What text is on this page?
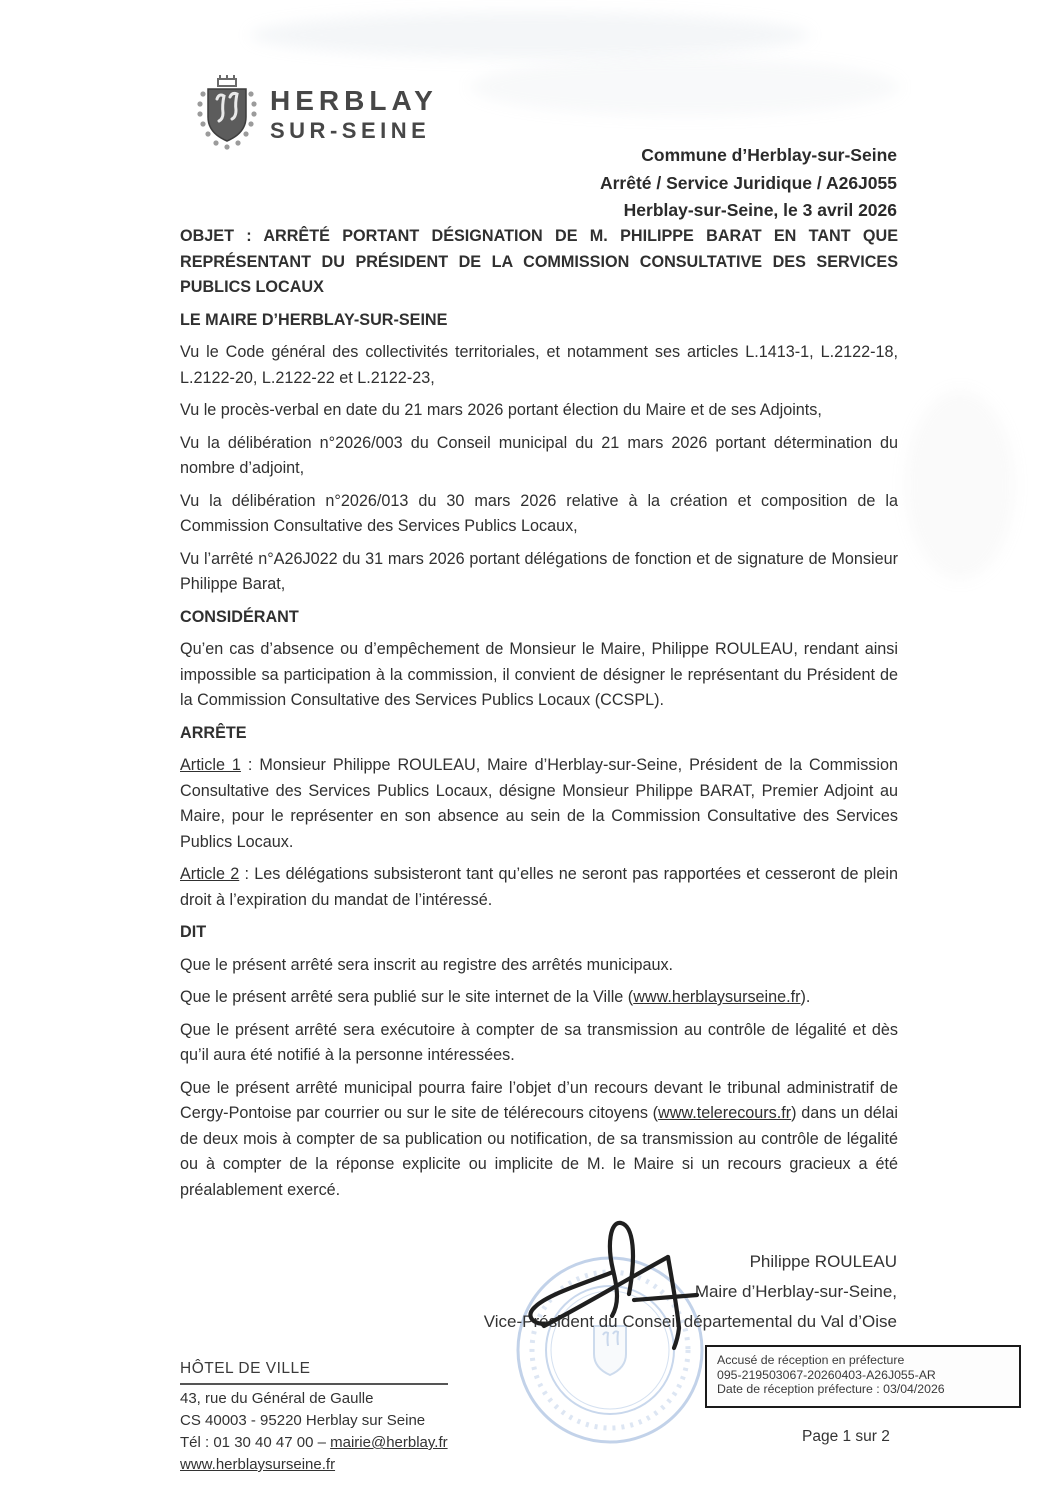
HERBLAY
SUR-SEINE
Commune d’Herblay-sur-Seine
Arrêté / Service Juridique / A26J055
Herblay-sur-Seine, le 3 avril 2026

OBJET : ARRÊTÉ PORTANT DÉSIGNATION DE M. PHILIPPE BARAT EN TANT QUE REPRÉSENTANT DU PRÉSIDENT DE LA COMMISSION CONSULTATIVE DES SERVICES PUBLICS LOCAUX

LE MAIRE D’HERBLAY-SUR-SEINE

Vu le Code général des collectivités territoriales, et notamment ses articles L.1413-1, L.2122-18, L.2122-20, L.2122-22 et L.2122-23,

Vu le procès-verbal en date du 21 mars 2026 portant élection du Maire et de ses Adjoints,

Vu la délibération n°2026/003 du Conseil municipal du 21 mars 2026 portant détermination du nombre d’adjoint,

Vu la délibération n°2026/013 du 30 mars 2026 relative à la création et composition de la Commission Consultative des Services Publics Locaux,

Vu l’arrêté n°A26J022 du 31 mars 2026 portant délégations de fonction et de signature de Monsieur Philippe Barat,

CONSIDÉRANT

Qu’en cas d’absence ou d’empêchement de Monsieur le Maire, Philippe ROULEAU, rendant ainsi impossible sa participation à la commission, il convient de désigner le représentant du Président de la Commission Consultative des Services Publics Locaux (CCSPL).

ARRÊTE

Article 1 : Monsieur Philippe ROULEAU, Maire d’Herblay-sur-Seine, Président de la Commission Consultative des Services Publics Locaux, désigne Monsieur Philippe BARAT, Premier Adjoint au Maire, pour le représenter en son absence au sein de la Commission Consultative des Services Publics Locaux.

Article 2 : Les délégations subsisteront tant qu’elles ne seront pas rapportées et cesseront de plein droit à l’expiration du mandat de l’intéressé.

DIT

Que le présent arrêté sera inscrit au registre des arrêtés municipaux.

Que le présent arrêté sera publié sur le site internet de la Ville (www.herblaysurseine.fr).

Que le présent arrêté sera exécutoire à compter de sa transmission au contrôle de légalité et dès qu’il aura été notifié à la personne intéressées.

Que le présent arrêté municipal pourra faire l’objet d’un recours devant le tribunal administratif de Cergy-Pontoise par courrier ou sur le site de télérecours citoyens (www.telerecours.fr) dans un délai de deux mois à compter de sa publication ou notification, de sa transmission au contrôle de légalité ou à compter de la réponse explicite ou implicite de M. le Maire si un recours gracieux a été préalablement exercé.

Philippe ROULEAU
Maire d’Herblay-sur-Seine,
Vice-Président du Conseil départemental du Val d’Oise
Accusé de réception en préfecture
095-219503067-20260403-A26J055-AR
Date de réception préfecture : 03/04/2026
HÔTEL DE VILLE
43, rue du Général de Gaulle
CS 40003 - 95220 Herblay sur Seine
Tél : 01 30 40 47 00 – mairie@herblay.fr
www.herblaysurseine.fr
Page 1 sur 2
